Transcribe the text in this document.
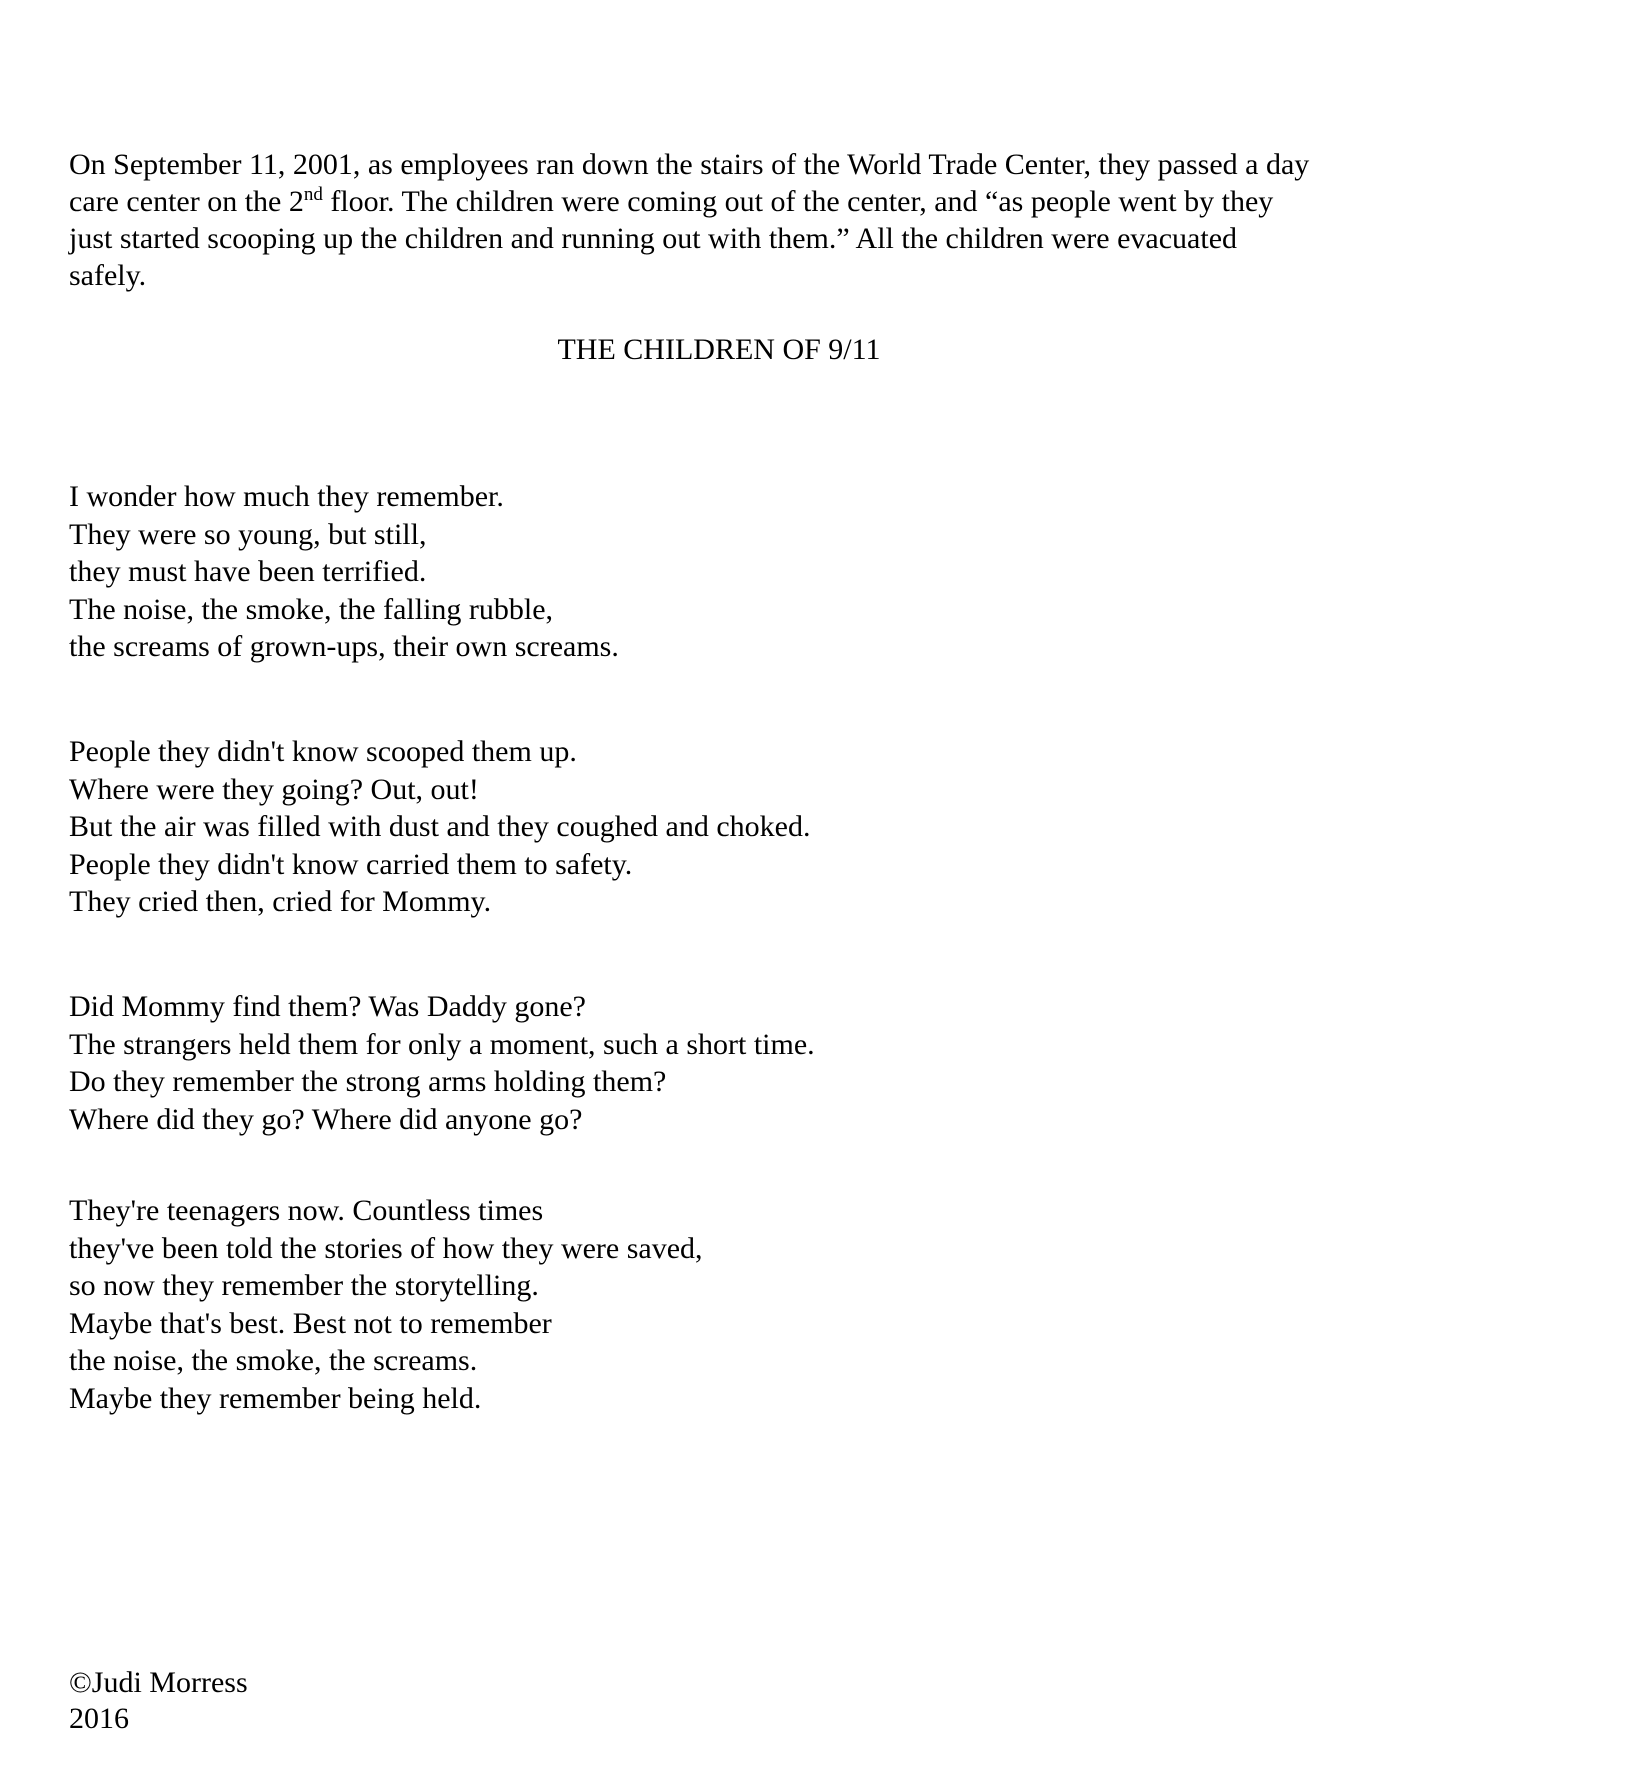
On September 11, 2001, as employees ran down the stairs of the World Trade Center, they passed a day
care center on the 2nd floor. The children were coming out of the center, and “as people went by they
just started scooping up the children and running out with them.” All the children were evacuated
safely.

THE CHILDREN OF 9/11

I wonder how much they remember.
They were so young, but still,
they must have been terrified.
The noise, the smoke, the falling rubble,
the screams of grown-ups, their own screams.

People they didn't know scooped them up.
Where were they going? Out, out!
But the air was filled with dust and they coughed and choked.
People they didn't know carried them to safety.
They cried then, cried for Mommy.

Did Mommy find them? Was Daddy gone?
The strangers held them for only a moment, such a short time.
Do they remember the strong arms holding them?
Where did they go? Where did anyone go?

They're teenagers now. Countless times
they've been told the stories of how they were saved,
so now they remember the storytelling.
Maybe that's best. Best not to remember
the noise, the smoke, the screams.
Maybe they remember being held.

©Judi Morress
2016
